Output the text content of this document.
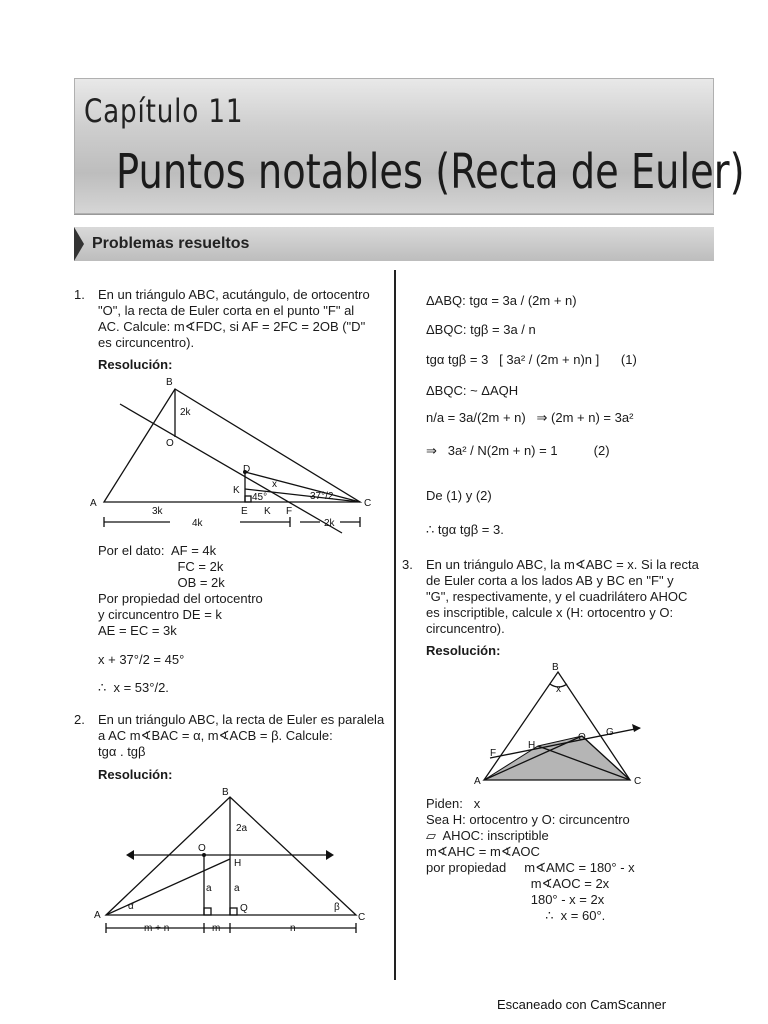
Capítulo 11
Puntos notables (Recta de Euler)
Problemas resueltos
1. En un triángulo ABC, acutángulo, de ortocentro
"O", la recta de Euler corta en el punto "F" al
AC. Calcule: m∢FDC, si AF = 2FC = 2OB ("D"
es circuncentro).
Resolución:
B
O
2k
D
K
x
45°	37°/2
A
E K F
C
3k
4k	2k
Por el dato:  AF = 4k
FC = 2k
OB = 2k
Por propiedad del ortocentro
y circuncentro DE = k
AE = EC = 3k
x + 37°/2 = 45°
∴  x = 53°/2.
2. En un triángulo ABC, la recta de Euler es paralela
a AC m∢BAC = α, m∢ACB = β. Calcule:
tgα . tgβ
Resolución:
B
O
H
2a
a a
A
α	Q	β
C
m + n	m	n
ΔABQ: tgα = 3a / (2m + n)
ΔBQC: tgβ = 3a / n
tgα tgβ = 3   [ 3a² / (2m + n)n ]      (1)
ΔBQC: ~ ΔAQH
n/a = 3a/(2m + n)   ⇒ (2m + n) = 3a²
⇒   3a² / N(2m + n) = 1          (2)
De (1) y (2)
∴ tgα tgβ = 3.
3. En un triángulo ABC, la m∢ABC = x. Si la recta
de Euler corta a los lados AB y BC en "F" y
"G", respectivamente, y el cuadrilátero AHOC
es inscriptible, calcule x (H: ortocentro y O:
circuncentro).
Resolución:
B
x
F
H
O G
A	C
Piden:   x
Sea H: ortocentro y O: circuncentro
▱  AHOC: inscriptible
m∢AHC = m∢AOC
por propiedad     m∢AMC = 180° - x
m∢AOC = 2x
180° - x = 2x
∴  x = 60°.
Escaneado con CamScanner
